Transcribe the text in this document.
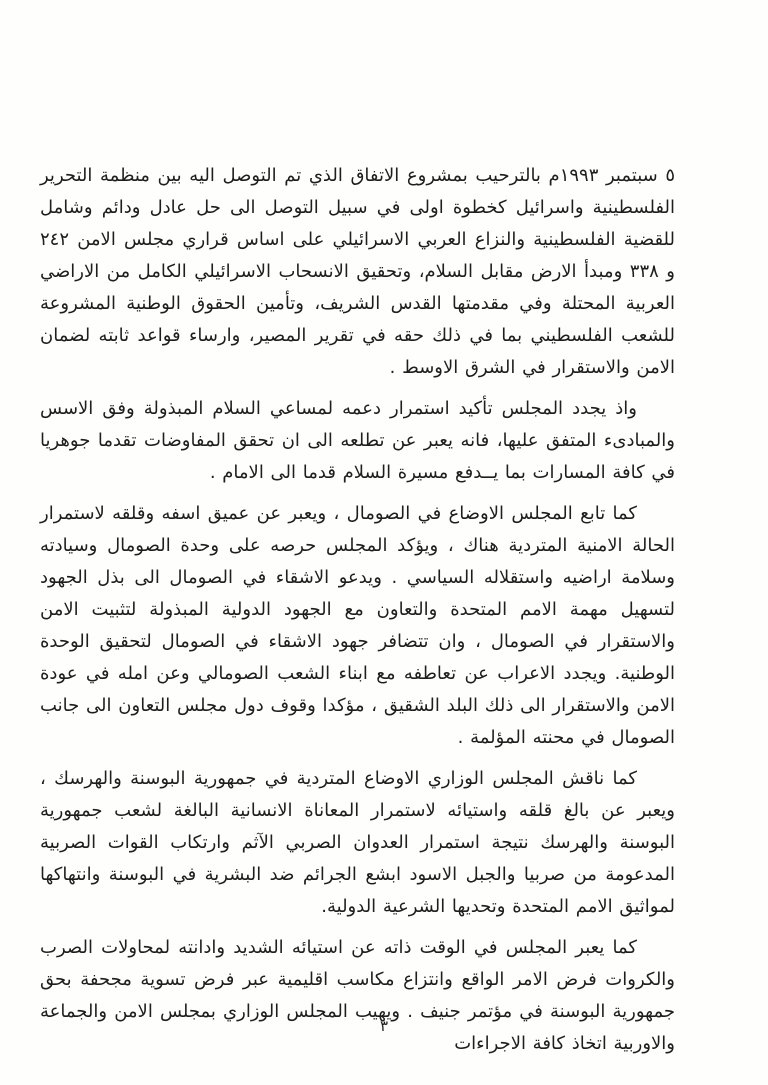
٥ سبتمبر ١٩٩٣م بالترحيب بمشروع الاتفاق الذي تم التوصل اليه بين منظمة التحرير الفلسطينية واسرائيل كخطوة اولى في سبيل التوصل الى حل عادل ودائم وشامل للقضية الفلسطينية والنزاع العربي الاسرائيلي على اساس قراري مجلس الامن ٢٤٢ و ٣٣٨ ومبدأ الارض مقابل السلام، وتحقيق الانسحاب الاسرائيلي الكامل من الاراضي العربية المحتلة وفي مقدمتها القدس الشريف، وتأمين الحقوق الوطنية المشروعة للشعب الفلسطيني بما في ذلك حقه في تقرير المصير، وارساء قواعد ثابته لضمان الامن والاستقرار في الشرق الاوسط .

واذ يجدد المجلس تأكيد استمرار دعمه لمساعي السلام المبذولة وفق الاسس والمبادىء المتفق عليها، فانه يعبر عن تطلعه الى ان تحقق المفاوضات تقدما جوهريا في كافة المسارات بما يــدفع مسيرة السلام قدما الى الامام .

كما تابع المجلس الاوضاع في الصومال ، ويعبر عن عميق اسفه وقلقه لاستمرار الحالة الامنية المتردية هناك ، ويؤكد المجلس حرصه على وحدة الصومال وسيادته وسلامة اراضيه واستقلاله السياسي . ويدعو الاشقاء في الصومال الى بذل الجهود لتسهيل مهمة الامم المتحدة والتعاون مع الجهود الدولية المبذولة لتثبيت الامن والاستقرار في الصومال ، وان تتضافر جهود الاشقاء في الصومال لتحقيق الوحدة الوطنية. ويجدد الاعراب عن تعاطفه مع ابناء الشعب الصومالي وعن امله في عودة الامن والاستقرار الى ذلك البلد الشقيق ، مؤكدا وقوف دول مجلس التعاون الى جانب الصومال في محنته المؤلمة .

كما ناقش المجلس الوزاري الاوضاع المتردية في جمهورية البوسنة والهرسك ، ويعبر عن بالغ قلقه واستيائه لاستمرار المعاناة الانسانية البالغة لشعب جمهورية البوسنة والهرسك نتيجة استمرار العدوان الصربي الآثم وارتكاب القوات الصربية المدعومة من صربيا والجبل الاسود ابشع الجرائم ضد البشرية في البوسنة وانتهاكها لمواثيق الامم المتحدة وتحديها الشرعية الدولية.

كما يعبر المجلس في الوقت ذاته عن استيائه الشديد وادانته لمحاولات الصرب والكروات فرض الامر الواقع وانتزاع مكاسب اقليمية عبر فرض تسوية مجحفة بحق جمهورية البوسنة في مؤتمر جنيف . ويهيب المجلس الوزاري بمجلس الامن والجماعة والاوربية اتخاذ كافة الاجراءات

٣
